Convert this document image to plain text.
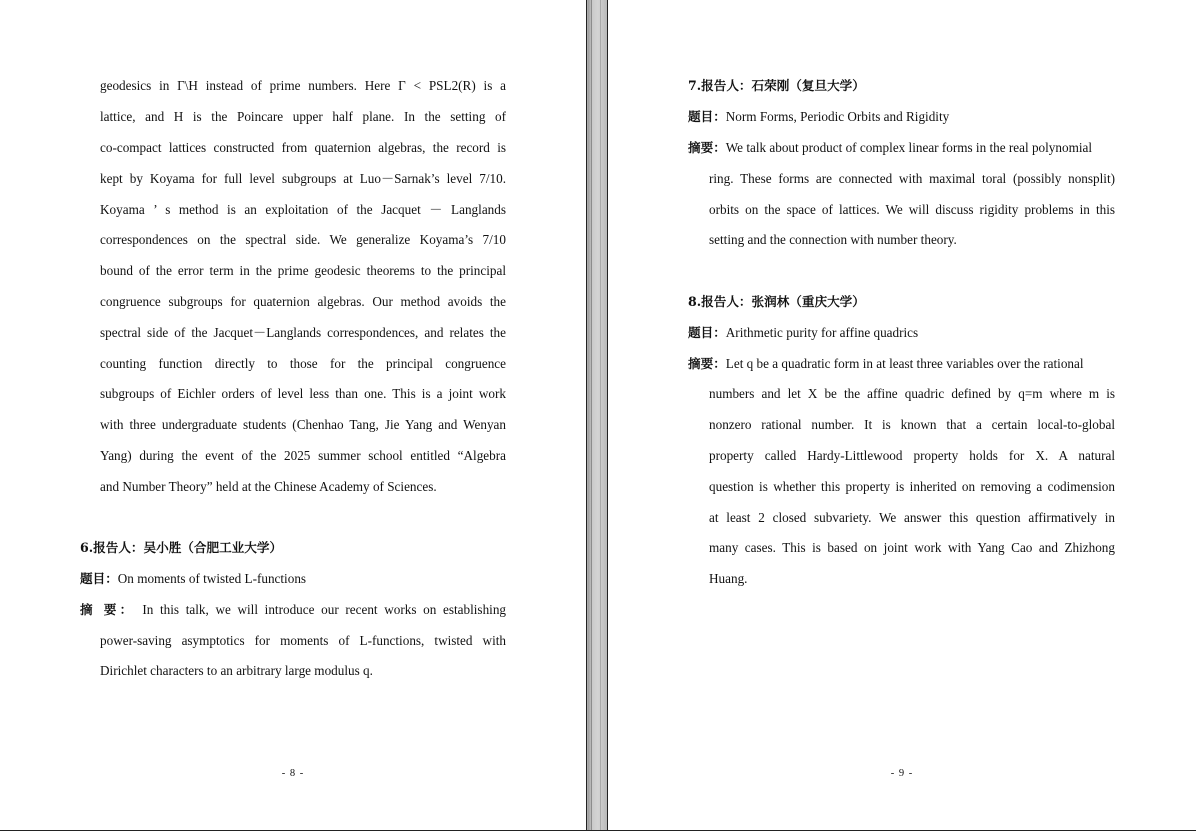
geodesics in Γ\H instead of prime numbers. Here Γ < PSL2(R) is a
lattice, and H is the Poincare upper half plane. In the setting of
co-compact lattices constructed from quaternion algebras, the record is
kept by Koyama for full level subgroups at Luo－Sarnak’s level 7/10.
Koyama ’ s method is an exploitation of the Jacquet － Langlands
correspondences on the spectral side. We generalize Koyama’s 7/10
bound of the error term in the prime geodesic theorems to the principal
congruence subgroups for quaternion algebras. Our method avoids the
spectral side of the Jacquet－Langlands correspondences, and relates the
counting function directly to those for the principal congruence
subgroups of Eichler orders of level less than one. This is a joint work
with three undergraduate students (Chenhao Tang, Jie Yang and Wenyan
Yang) during the event of the 2025 summer school entitled “Algebra
and Number Theory” held at the Chinese Academy of Sciences.
6.报告人：吴小胜（合肥工业大学）
题目：On moments of twisted L-functions
摘 要： In this talk, we will introduce our recent works on establishing
power-saving asymptotics for moments of L-functions, twisted with
Dirichlet characters to an arbitrary large modulus q.
- 8 -
7.报告人：石荣刚（复旦大学）
题目：Norm Forms, Periodic Orbits and Rigidity
摘要：We talk about product of complex linear forms in the real polynomial
ring. These forms are connected with maximal toral (possibly nonsplit)
orbits on the space of lattices. We will discuss rigidity problems in this
setting and the connection with number theory.
8.报告人：张润林（重庆大学）
题目：Arithmetic purity for affine quadrics
摘要：Let q be a quadratic form in at least three variables over the rational
numbers and let X be the affine quadric defined by q=m where m is
nonzero rational number. It is known that a certain local-to-global
property called Hardy-Littlewood property holds for X. A natural
question is whether this property is inherited on removing a codimension
at least 2 closed subvariety. We answer this question affirmatively in
many cases. This is based on joint work with Yang Cao and Zhizhong
Huang.
- 9 -
